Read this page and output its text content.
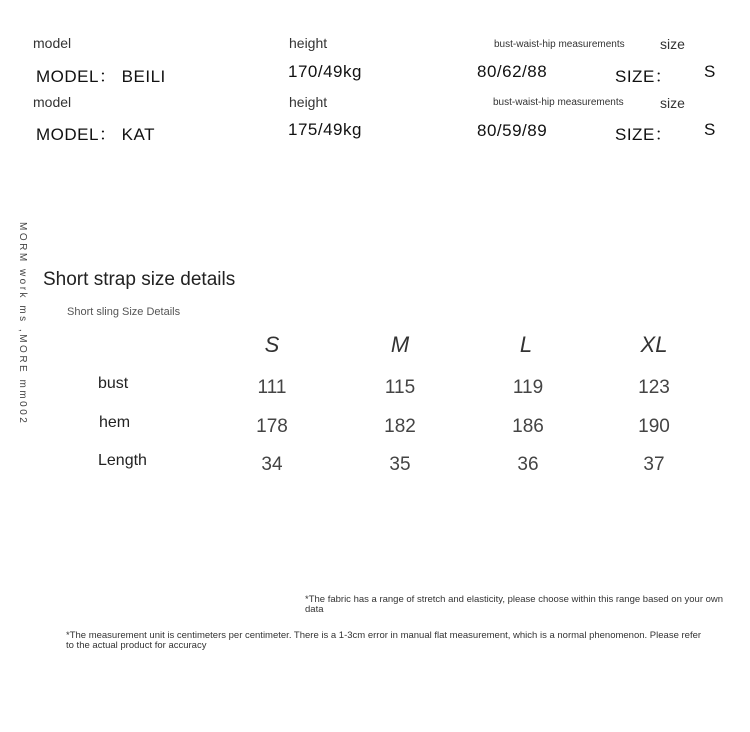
model	height	bust-waist-hip measurements	size
MODEL： BEILI	170/49kg	80/62/88	SIZE： S
model	height	bust-waist-hip measurements	size
MODEL： KAT	175/49kg	80/59/89	SIZE： S
MORM work ms ,MORE mm002 Short strap size details
Short sling Size Details
S	M	L	XL
bust	111	115	119	123
hem	178	182	186	190
Length	34	35	36	37
*The fabric has a range of stretch and elasticity, please choose within this range based on your own data
*The measurement unit is centimeters per centimeter. There is a 1-3cm error in manual flat measurement, which is a normal phenomenon. Please refer to the actual product for accuracy
